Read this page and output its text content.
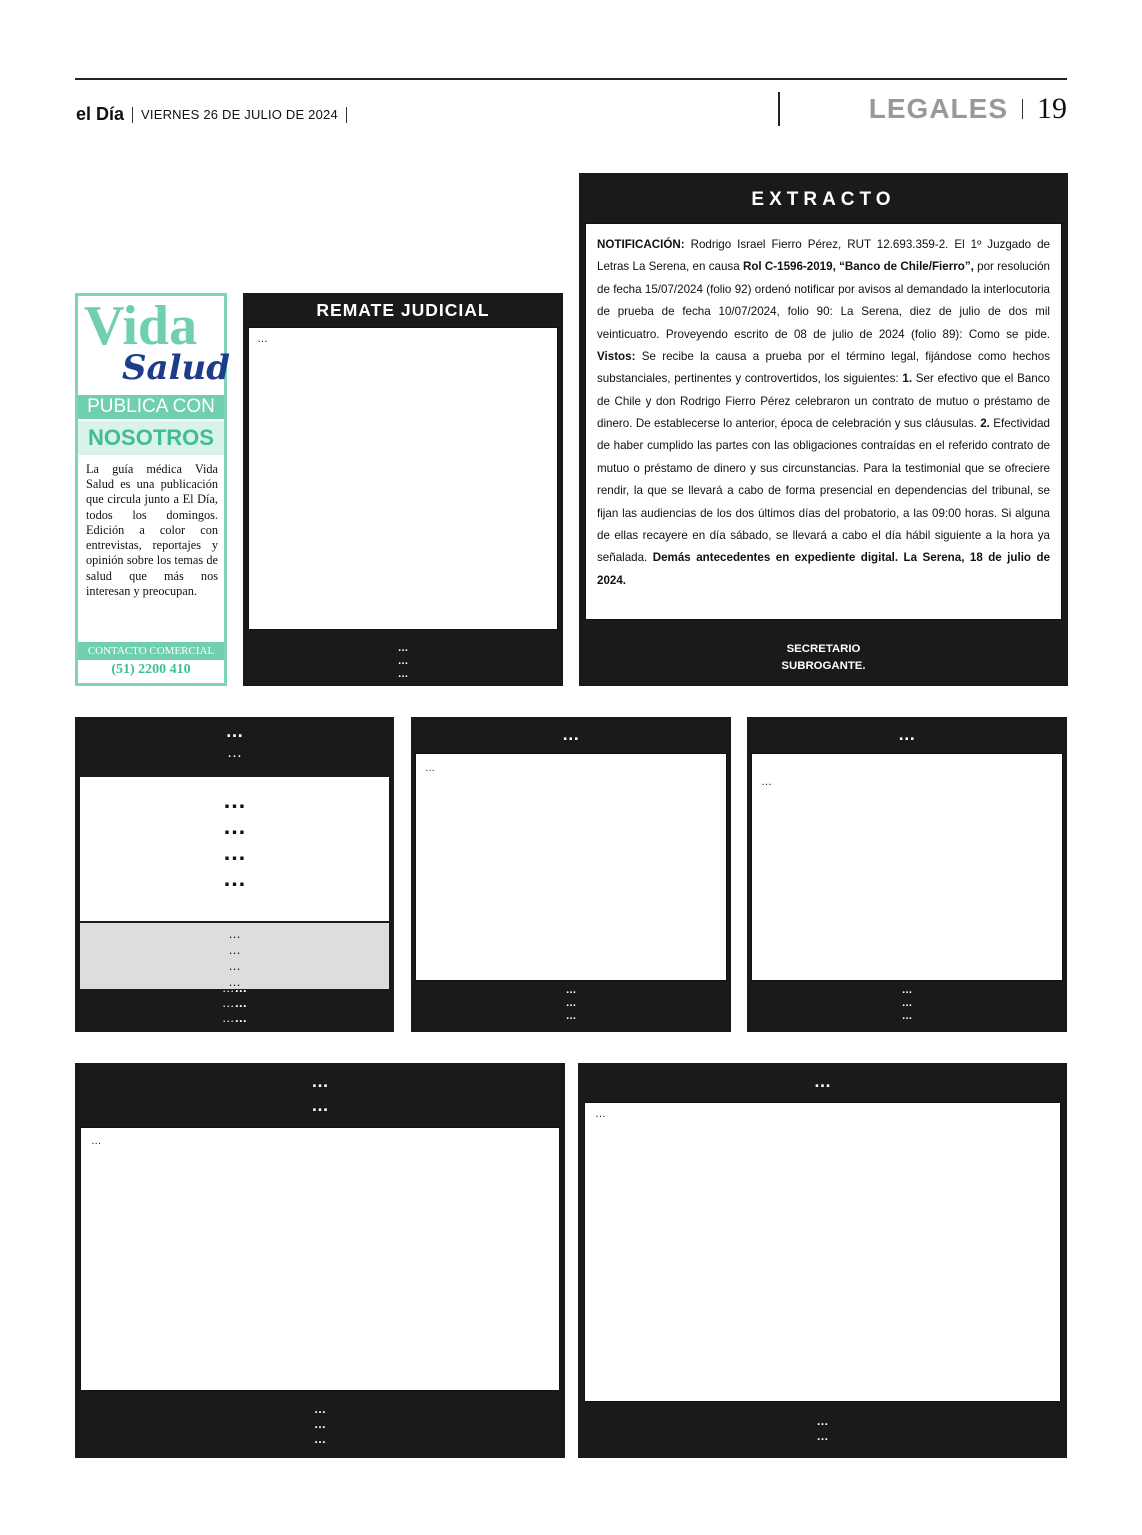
el Día VIERNES 26 DE JULIO DE 2024	LEGALES 19
EXTRACTO
NOTIFICACIÓN: Rodrigo Israel Fierro Pérez, RUT 12.693.359-2. El 1º Juzgado de Letras La Serena, en causa Rol C-1596-2019, “Banco de Chile/Fierro”, por resolución de fecha 15/07/2024 (folio 92) ordenó notificar por avisos al demandado la interlocutoria de prueba de fecha 10/07/2024, folio 90: La Serena, diez de julio de dos mil veinticuatro. Proveyendo escrito de 08 de julio de 2024 (folio 89): Como se pide. Vistos: Se recibe la causa a prueba por el término legal, fijándose como hechos substanciales, pertinentes y controvertidos, los siguientes: 1. Ser efectivo que el Banco de Chile y don Rodrigo Fierro Pérez celebraron un contrato de mutuo o préstamo de dinero. De establecerse lo anterior, época de celebración y sus cláusulas. 2. Efectividad de haber cumplido las partes con las obligaciones contraídas en el referido contrato de mutuo o préstamo de dinero y sus circunstancias. Para la testimonial que se ofreciere rendir, la que se llevará a cabo de forma presencial en dependencias del tribunal, se fijan las audiencias de los dos últimos días del probatorio, a las 09:00 horas. Si alguna de ellas recayere en día sábado, se llevará a cabo el día hábil siguiente a la hora ya señalada. Demás antecedentes en expediente digital. La Serena, 18 de julio de 2024.
SECRETARIO
SUBROGANTE.
Vida
Salud
PUBLICA CON
NOSOTROS
La guía médica Vida Salud es una publicación que circula junto a El Día, todos los domingos. Edición a color con entrevistas, reportajes y opinión sobre los temas de salud que más nos interesan y preocupan.
CONTACTO COMERCIAL
(51) 2200 410
REMATE JUDICIAL
…
…
…
…
…
…
…
…
…
…
…
…
…
…
……
……
……
…
…
…
…
…
…
…
…
…
…
…
…
…
…
…
…
…
…
…
…
